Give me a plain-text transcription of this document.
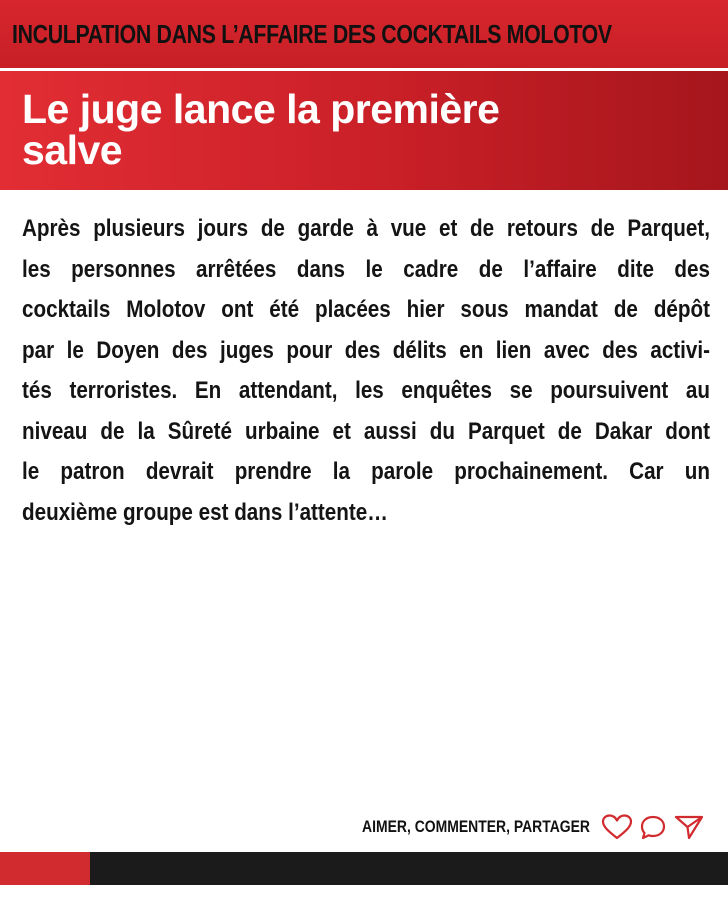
INCULPATION DANS L’AFFAIRE DES COCKTAILS MOLOTOV
Le juge lance la première
salve
Après plusieurs jours de garde à vue et de retours de Parquet,
les personnes arrêtées dans le cadre de l’affaire dite des
cocktails Molotov ont été placées hier sous mandat de dépôt
par le Doyen des juges pour des délits en lien avec des activi-
tés terroristes. En attendant, les enquêtes se poursuivent au
niveau de la Sûreté urbaine et aussi du Parquet de Dakar dont
le patron devrait prendre la parole prochainement. Car un
deuxième groupe est dans l’attente…
AIMER, COMMENTER, PARTAGER
